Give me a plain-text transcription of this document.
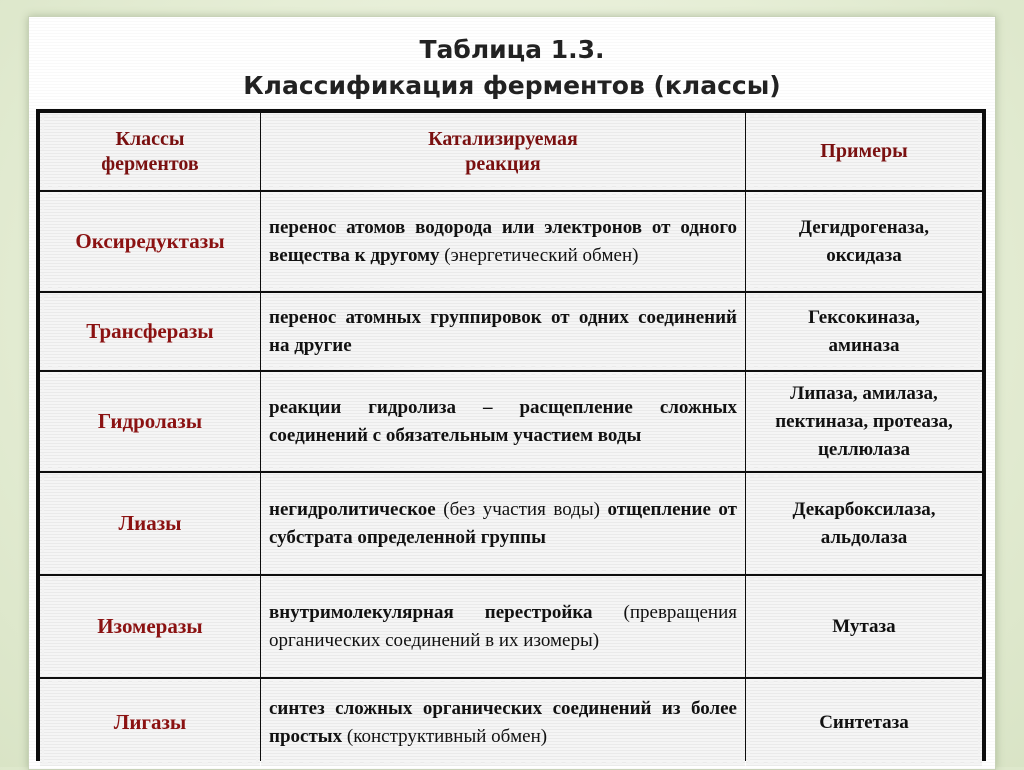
Таблица 1.3.
Классификация ферментов (классы)
Классы
ферментов
Катализируемая
реакция
Примеры
Оксиредуктазы
перенос атомов водорода или электронов от одного вещества к другому (энергетический обмен)
Дегидрогеназа,
оксидаза
Трансферазы
перенос атомных группировок от одних соединений на другие
Гексокиназа,
аминаза
Гидролазы
реакции гидролиза – расщепление сложных соединений с обязательным участием воды
Липаза, амилаза,
пектиназа, протеаза,
целлюлаза
Лиазы
негидролитическое (без участия воды) отщепление от субстрата определенной группы
Декарбоксилаза,
альдолаза
Изомеразы
внутримолекулярная перестройка (превращения органических соединений в их изомеры)
Мутаза
Лигазы
синтез сложных органических соединений из более простых (конструктивный обмен)
Синтетаза
